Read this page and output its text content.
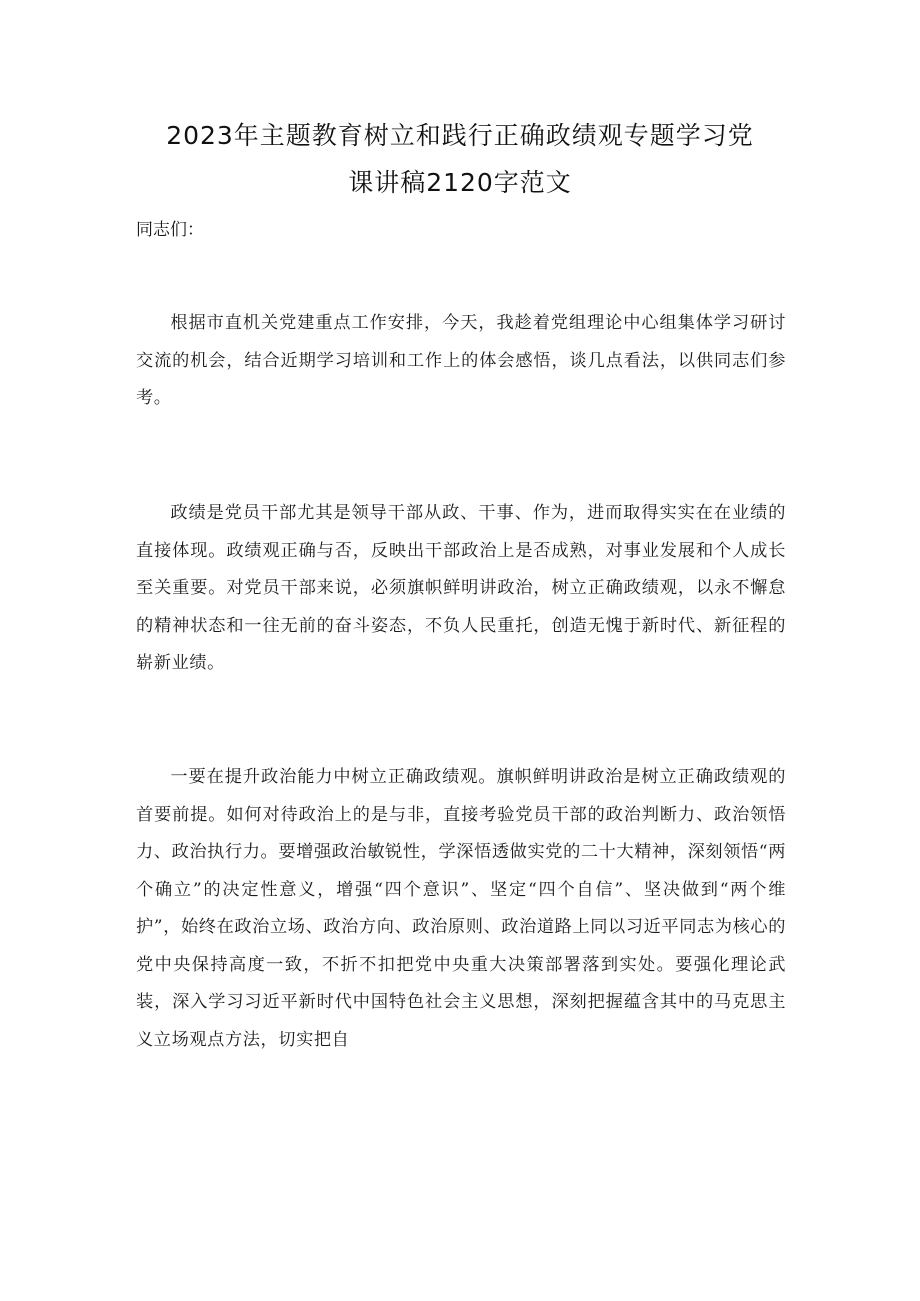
2023年主题教育树立和践行正确政绩观专题学习党
课讲稿2120字范文
同志们：

根据市直机关党建重点工作安排，今天，我趁着党组理论中心组集体学习研讨交流的机会，结合近期学习培训和工作上的体会感悟，谈几点看法，以供同志们参考。

政绩是党员干部尤其是领导干部从政、干事、作为，进而取得实实在在业绩的直接体现。政绩观正确与否，反映出干部政治上是否成熟，对事业发展和个人成长至关重要。对党员干部来说，必须旗帜鲜明讲政治，树立正确政绩观，以永不懈怠的精神状态和一往无前的奋斗姿态，不负人民重托，创造无愧于新时代、新征程的崭新业绩。

一要在提升政治能力中树立正确政绩观。旗帜鲜明讲政治是树立正确政绩观的首要前提。如何对待政治上的是与非，直接考验党员干部的政治判断力、政治领悟力、政治执行力。要增强政治敏锐性，学深悟透做实党的二十大精神，深刻领悟“两个确立”的决定性意义，增强“四个意识”、坚定“四个自信”、坚决做到“两个维护”，始终在政治立场、政治方向、政治原则、政治道路上同以习近平同志为核心的党中央保持高度一致，不折不扣把党中央重大决策部署落到实处。要强化理论武装，深入学习习近平新时代中国特色社会主义思想，深刻把握蕴含其中的马克思主义立场观点方法，切实把自
